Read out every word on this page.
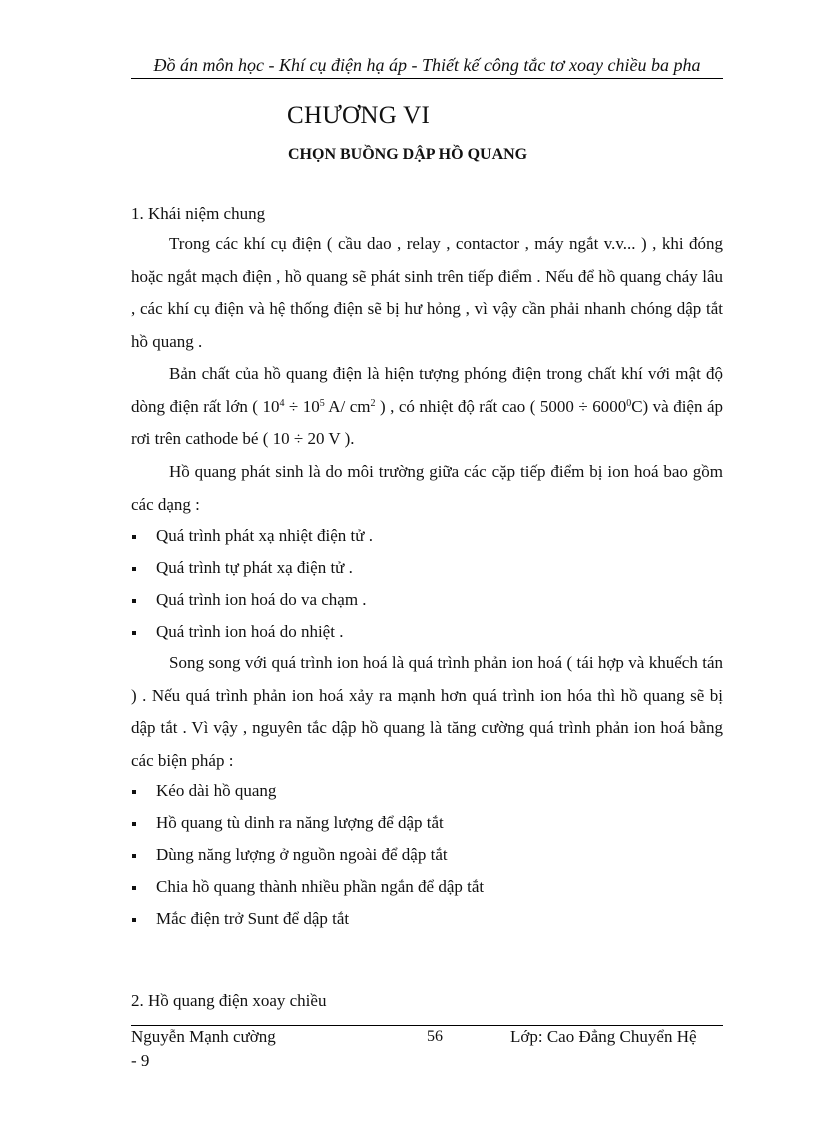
Đồ án môn học - Khí cụ điện hạ áp - Thiết kế công tắc tơ xoay chiều ba pha
CHƯƠNG VI
CHỌN BUỒNG DẬP HỒ QUANG
1. Khái niệm chung
Trong các khí cụ điện ( cầu dao , relay , contactor , máy ngắt v.v... ) , khi đóng hoặc ngắt mạch điện , hồ quang sẽ phát sinh trên tiếp điểm . Nếu để hồ quang cháy lâu , các khí cụ điện và hệ thống điện sẽ bị hư hỏng , vì vậy cần phải nhanh chóng dập tắt hồ quang .
Bản chất của hồ quang điện là hiện tượng phóng điện trong chất khí với mật độ dòng điện rất lớn ( $10^4 \div 10^5$ A/ $cm^2$ ) , có nhiệt độ rất cao ( $5000 \div 6000^0C$) và điện áp rơi trên cathode bé ( 10 ÷ 20 V ).
Hồ quang phát sinh là do môi trường giữa các cặp tiếp điểm bị ion hoá bao gồm các dạng :
Quá trình phát xạ nhiệt điện tử .
Quá trình tự phát xạ điện tử .
Quá trình ion hoá do va chạm .
Quá trình ion hoá do nhiệt .
Song song với quá trình ion hoá là quá trình phản ion hoá ( tái hợp và khuếch tán ) . Nếu quá trình phản ion hoá xảy ra mạnh hơn quá trình ion hóa thì hồ quang sẽ bị dập tắt . Vì vậy , nguyên tắc dập hồ quang là tăng cường quá trình phản ion hoá bằng các biện pháp :
Kéo dài hồ quang
Hồ quang tù dinh ra năng lượng để dập tắt
Dùng năng lượng ở nguồn ngoài để dập tắt
Chia hồ quang thành nhiều phần ngắn để dập tắt
Mắc điện trở Sunt để dập tắt
2. Hồ quang điện xoay chiều
Nguyễn Mạnh cường	56	Lớp: Cao Đẳng Chuyển Hệ
- 9
